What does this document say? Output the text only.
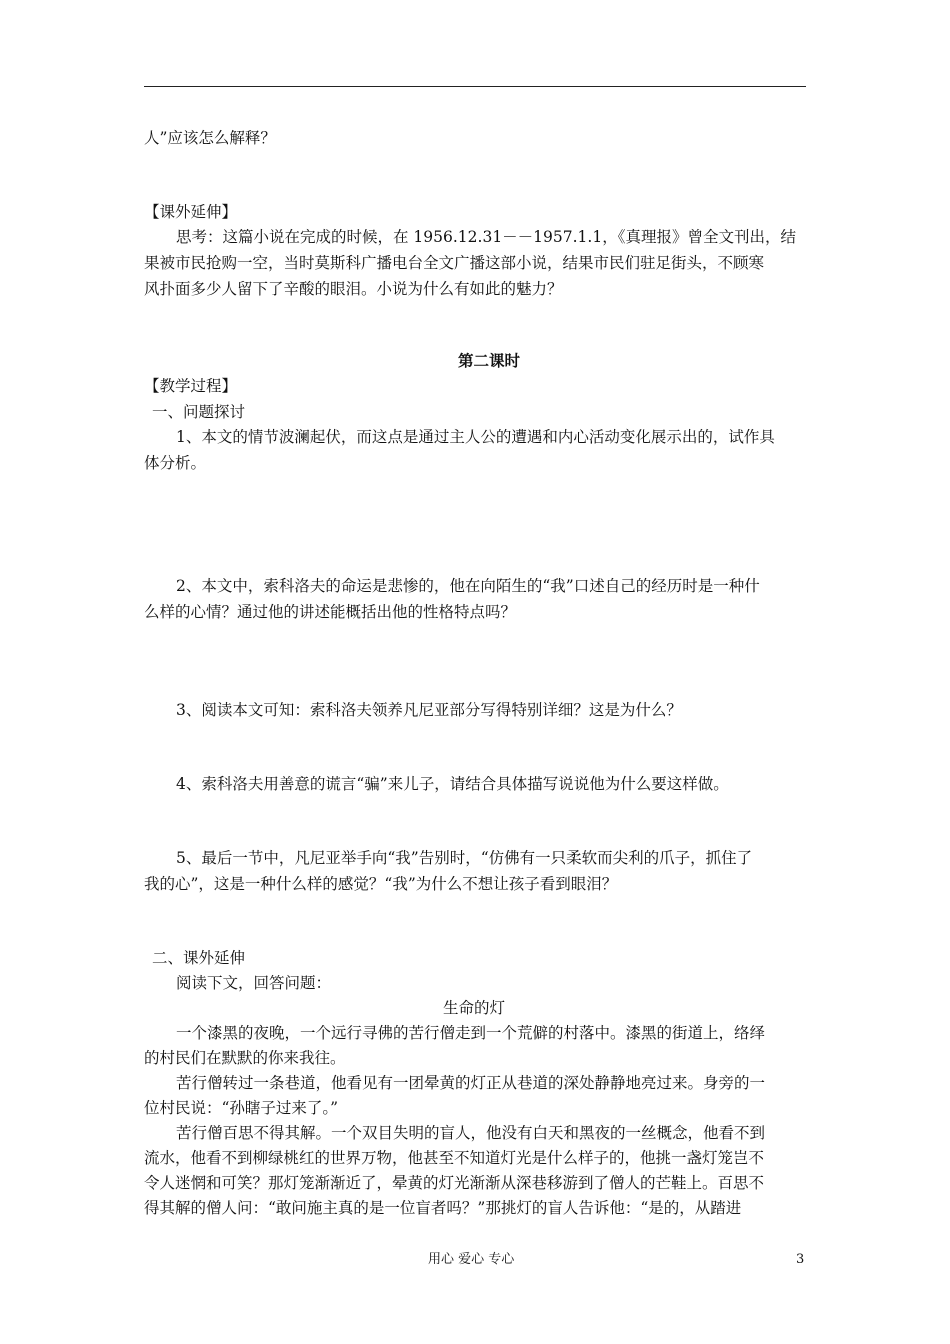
人”应该怎么解释？
【课外延伸】
思考：这篇小说在完成的时候，在 1956.12.31－－1957.1.1，《真理报》曾全文刊出，结
果被市民抢购一空，当时莫斯科广播电台全文广播这部小说，结果市民们驻足街头，不顾寒
风扑面多少人留下了辛酸的眼泪。小说为什么有如此的魅力？
第二课时
【教学过程】
一、问题探讨
1、本文的情节波澜起伏，而这点是通过主人公的遭遇和内心活动变化展示出的，试作具
体分析。
2、本文中，索科洛夫的命运是悲惨的，他在向陌生的“我”口述自己的经历时是一种什
么样的心情？通过他的讲述能概括出他的性格特点吗？
3、阅读本文可知：索科洛夫领养凡尼亚部分写得特别详细？这是为什么？
4、索科洛夫用善意的谎言“骗”来儿子，请结合具体描写说说他为什么要这样做。
5、最后一节中，凡尼亚举手向“我”告别时，“仿佛有一只柔软而尖利的爪子，抓住了
我的心”，这是一种什么样的感觉？“我”为什么不想让孩子看到眼泪？
二、课外延伸
阅读下文，回答问题：
生命的灯
一个漆黑的夜晚，一个远行寻佛的苦行僧走到一个荒僻的村落中。漆黑的街道上，络绎
的村民们在默默的你来我往。
苦行僧转过一条巷道，他看见有一团晕黄的灯正从巷道的深处静静地亮过来。身旁的一
位村民说：“孙瞎子过来了。”
苦行僧百思不得其解。一个双目失明的盲人，他没有白天和黑夜的一丝概念，他看不到
流水，他看不到柳绿桃红的世界万物，他甚至不知道灯光是什么样子的，他挑一盏灯笼岂不
令人迷惘和可笑？那灯笼渐渐近了，晕黄的灯光渐渐从深巷移游到了僧人的芒鞋上。百思不
得其解的僧人问：“敢问施主真的是一位盲者吗？”那挑灯的盲人告诉他：“是的，从踏进
用心 爱心 专心	3
